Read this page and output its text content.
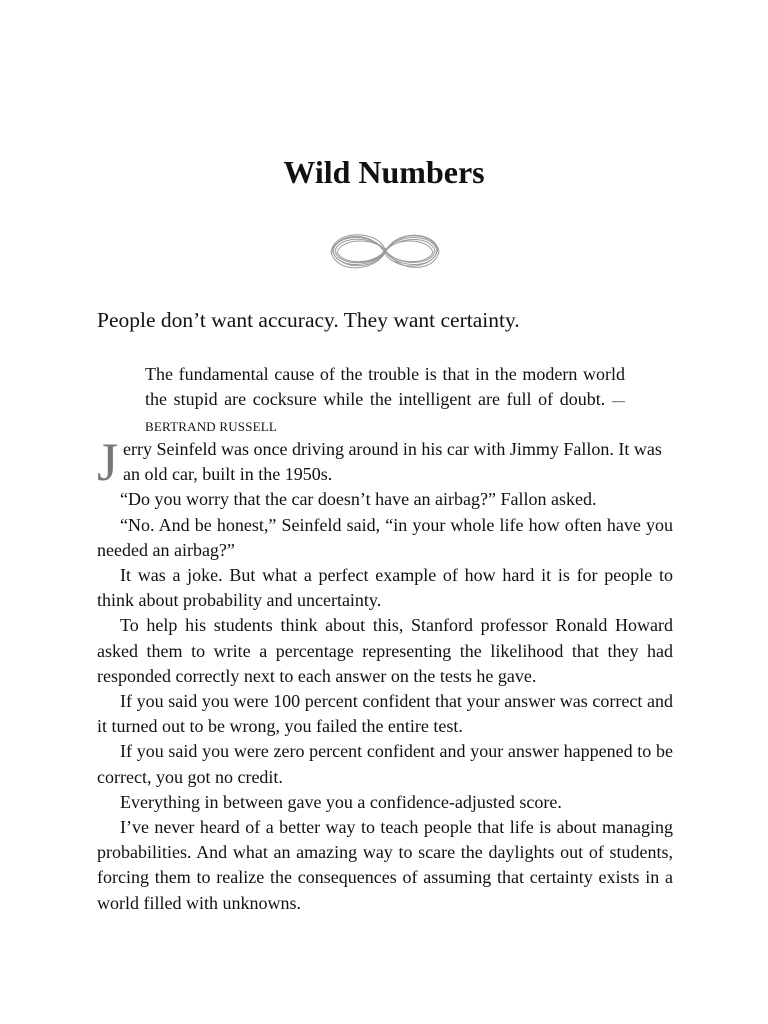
Wild Numbers

People don’t want accuracy. They want certainty.

The fundamental cause of the trouble is that in the modern world the stupid are cocksure while the intelligent are full of doubt. —BERTRAND RUSSELL

Jerry Seinfeld was once driving around in his car with Jimmy Fallon. It was an old car, built in the 1950s.

“Do you worry that the car doesn’t have an airbag?” Fallon asked.

“No. And be honest,” Seinfeld said, “in your whole life how often have you needed an airbag?”

It was a joke. But what a perfect example of how hard it is for people to think about probability and uncertainty.

To help his students think about this, Stanford professor Ronald Howard asked them to write a percentage representing the likelihood that they had responded correctly next to each answer on the tests he gave.

If you said you were 100 percent confident that your answer was correct and it turned out to be wrong, you failed the entire test.

If you said you were zero percent confident and your answer happened to be correct, you got no credit.

Everything in between gave you a confidence-adjusted score.

I’ve never heard of a better way to teach people that life is about managing probabilities. And what an amazing way to scare the daylights out of students, forcing them to realize the consequences of assuming that certainty exists in a world filled with unknowns.
